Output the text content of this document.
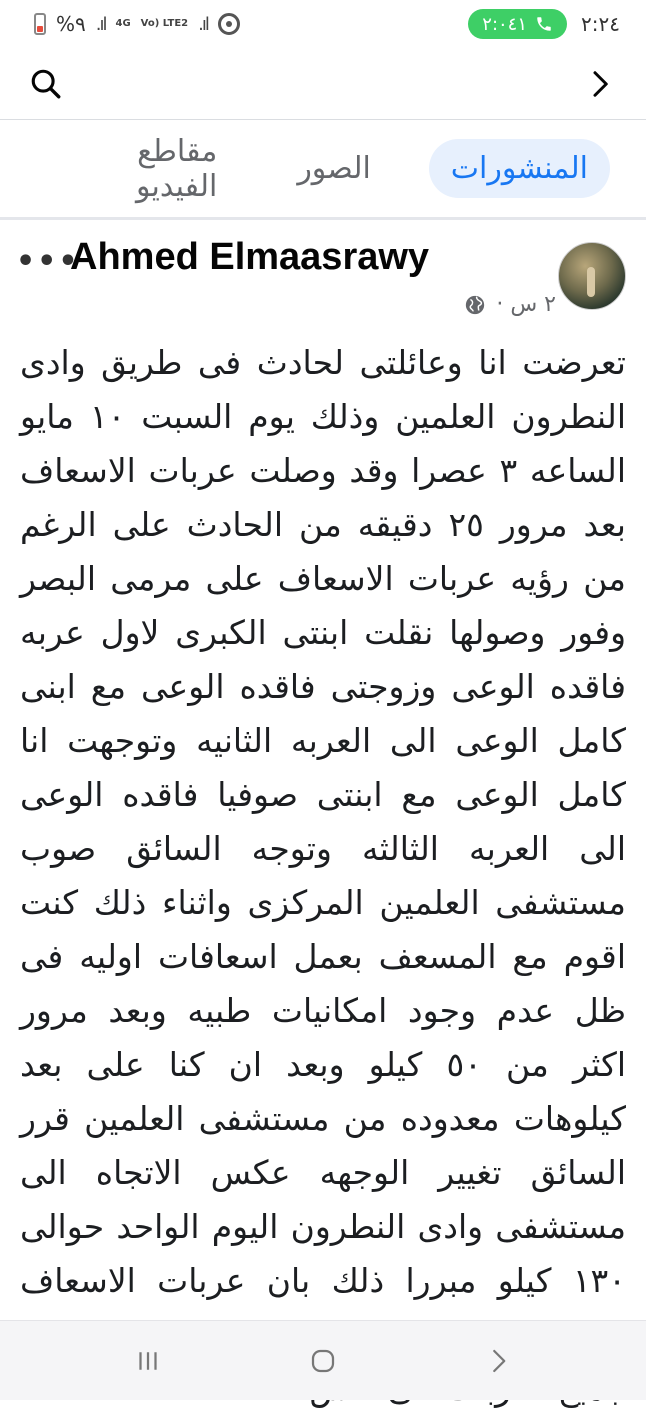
%٩ .ıl 4G Vo) LTE2 .ıl	٢:٠٤١	٢:٢٤
المنشورات
الصور
مقاطع الفيديو
•••
Ahmed Elmaasrawy
٢ س ·
تعرضت انا وعائلتى لحادث فى طريق وادى النطرون العلمين وذلك يوم السبت ١٠ مايو الساعه ٣ عصرا وقد وصلت عربات الاسعاف بعد مرور ٢٥ دقيقه من الحادث على الرغم من رؤيه عربات الاسعاف على مرمى البصر وفور وصولها نقلت ابنتى الكبرى لاول عربه فاقده الوعى وزوجتى فاقده الوعى مع ابنى كامل الوعى الى العربه الثانيه وتوجهت انا كامل الوعى مع ابنتى صوفيا فاقده الوعى الى العربه الثالثه وتوجه السائق صوب مستشفى العلمين المركزى واثناء ذلك كنت اقوم مع المسعف بعمل اسعافات اوليه فى ظل عدم وجود امكانيات طبيه وبعد مرور اكثر من ٥٠ كيلو وبعد ان كنا على بعد كيلوهات معدوده من مستشفى العلمين قرر السائق تغيير الوجهه عكس الاتجاه الى مستشفى وادى النطرون اليوم الواحد حوالى ١٣٠ كيلو مبررا ذلك بان عربات الاسعاف
